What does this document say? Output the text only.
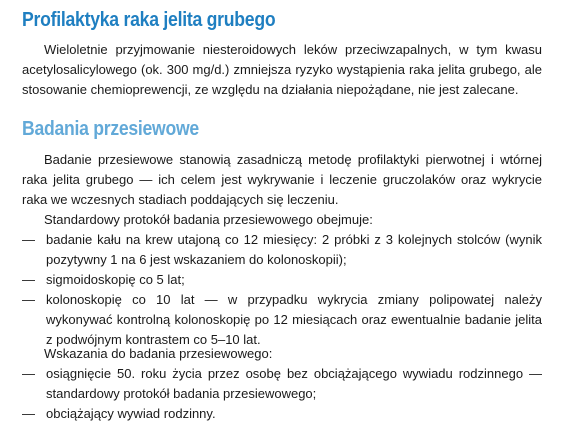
Profilaktyka raka jelita grubego

Wieloletnie przyjmowanie niesteroidowych leków przeciwzapalnych, w tym kwasu acetylosalicylowego (ok. 300 mg/d.) zmniejsza ryzyko wystąpienia raka jelita grubego, ale stosowanie chemioprewencji, ze względu na działania niepożądane, nie jest zalecane.

Badania przesiewowe

Badanie przesiewowe stanowią zasadniczą metodę profilaktyki pierwotnej i wtórnej raka jelita grubego — ich celem jest wykrywanie i leczenie gruczolaków oraz wykrycie raka we wczesnych stadiach poddających się leczeniu.

Standardowy protokół badania przesiewowego obejmuje:

— badanie kału na krew utajoną co 12 miesięcy: 2 próbki z 3 kolejnych stolców (wynik pozytywny 1 na 6 jest wskazaniem do kolonoskopii);
— sigmoidoskopię co 5 lat;
— kolonoskopię co 10 lat — w przypadku wykrycia zmiany polipowatej należy wykonywać kontrolną kolonoskopię po 12 miesiącach oraz ewentualnie badanie jelita z podwójnym kontrastem co 5–10 lat.

Wskazania do badania przesiewowego:

— osiągnięcie 50. roku życia przez osobę bez obciążającego wywiadu rodzinnego — standardowy protokół badania przesiewowego;
— obciążający wywiad rodzinny.
